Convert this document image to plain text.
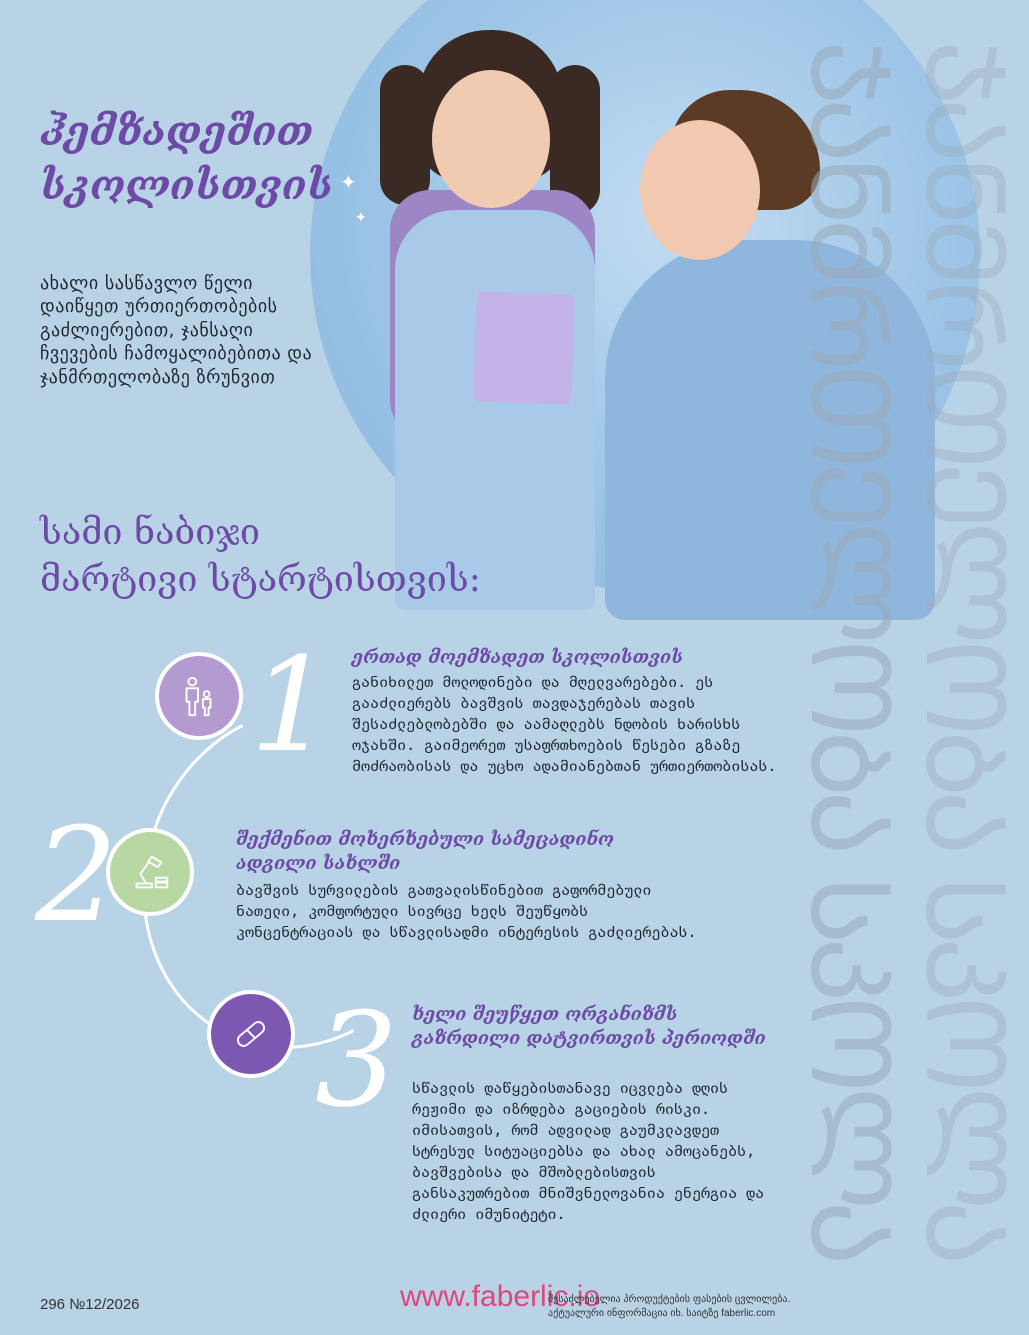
ᲯᲐᲜᲛᲠᲗᲔᲚᲝᲑᲐ ᲡᲙᲝᲚᲐ
ᲯᲐᲜᲛᲠᲗᲔᲚᲝᲑᲐ ᲡᲙᲝᲚᲐ
ჰემზადეშით
სკოლისთვის ✦
✦
ახალი სასწავლო წელი დაიწყეთ ურთიერთობების გაძლიერებით, ჯანსაღი ჩვევების ჩამოყალიბებითა და ჯანმრთელობაზე ზრუნვით
სამი ნაბიჯი
მარტივი სტარტისთვის:
1 ერთად მოემზადეთ სკოლისთვის
განიხილეთ მოლოდინები და მღელვარებები. ეს გააძლიერებს ბავშვის თავდაჯერებას თავის შესაძლებლობებში და აამაღლებს ნდობის ხარისხს ოჯახში. გაიმეორეთ უსაფრთხოების წესები გზაზე მოძრაობისას და უცხო ადამიანებთან ურთიერთობისას.
2	შექმენით მოხერხებული სამეცადინო ადგილი სახლში
ბავშვის სურვილების გათვალისწინებით გაფორმებული ნათელი, კომფორტული სივრცე ხელს შეუწყობს კონცენტრაციას და სწავლისადმი ინტერესის გაძლიერებას.
3 ხელი შეუწყეთ ორგანიზმს გაზრდილი დატვირთვის პერიოდში
სწავლის დაწყებისთანავე იცვლება დღის რეჟიმი და იზრდება გაციების რისკი. იმისათვის, რომ ადვილად გაუმკლავდეთ სტრესულ სიტუაციებსა და ახალ ამოცანებს, ბავშვებისა და მშობლებისთვის განსაკუთრებით მნიშვნელოვანია ენერგია და ძლიერი იმუნიტეტი.
296 №12/2026	www.faberlic.io
შესაძლებელია პროდუქტების ფასების ცვლილება.
აქტუალური ინფორმაცია იხ. საიტზე faberlic.com
